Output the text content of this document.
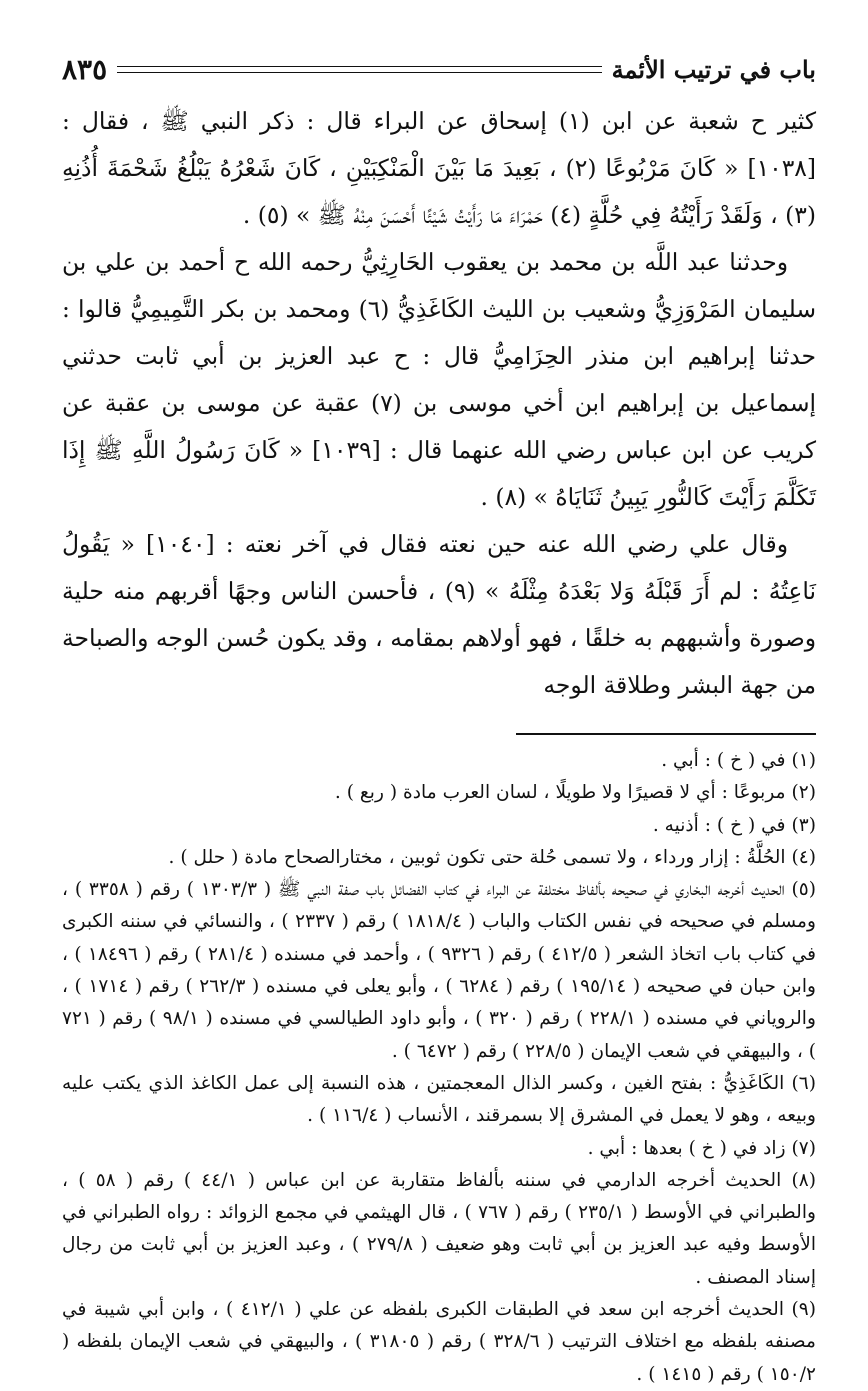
باب في ترتيب الأئمة
٨٣٥

كثير ح شعبة عن ابن (١) إسحاق عن البراء قال : ذكر النبي ﷺ ، فقال : [١٠٣٨] « كَانَ مَرْبُوعًا (٢) ، بَعِيدَ مَا بَيْنَ الْمَنْكِبَيْنِ ، كَانَ شَعْرُهُ يَبْلُغُ شَحْمَةَ أُذُنِهِ (٣) ، وَلَقَدْ رَأَيْتُهُ فِي حُلَّةٍ (٤) حَمْرَاءَ مَا رَأَيْتُ شَيْئًا أَحْسَنَ مِنْهُ ﷺ » (٥) .

وحدثنا عبد اللَّه بن محمد بن يعقوب الحَارِثِيُّ رحمه الله ح أحمد بن علي بن سليمان المَرْوَزِيُّ وشعيب بن الليث الكَاغَذِيُّ (٦) ومحمد بن بكر التَّمِيمِيُّ قالوا : حدثنا إبراهيم ابن منذر الحِزَامِيُّ قال : ح عبد العزيز بن أبي ثابت حدثني إسماعيل بن إبراهيم ابن أخي موسى بن (٧) عقبة عن موسى بن عقبة عن كريب عن ابن عباس رضي الله عنهما قال : [١٠٣٩] « كَانَ رَسُولُ اللَّهِ ﷺ إِذَا تَكَلَّمَ رَأَيْتَ كَالنُّورِ يَبِينُ ثَنَايَاهُ » (٨) .

وقال علي رضي الله عنه حين نعته فقال في آخر نعته : [١٠٤٠] « يَقُولُ نَاعِتُهُ : لم أَرَ قَبْلَهُ وَلا بَعْدَهُ مِثْلَهُ » (٩) ، فأحسن الناس وجهًا أقربهم منه حلية وصورة وأشبههم به خلقًا ، فهو أولاهم بمقامه ، وقد يكون حُسن الوجه والصباحة من جهة البشر وطلاقة الوجه

(١) في ( خ ) : أبي .

(٢) مربوعًا : أي لا قصيرًا ولا طويلًا ، لسان العرب مادة ( ربع ) .

(٣) في ( خ ) : أذنيه .

(٤) الحُلَّةُ : إزار ورداء ، ولا تسمى حُلة حتى تكون ثوبين ، مختارالصحاح مادة ( حلل ) .

(٥) الحديث أخرجه البخاري في صحيحه بألفاظ مختلفة عن البراء في كتاب الفضائل باب صفة النبي ﷺ ( ١٣٠٣/٣ ) رقم ( ٣٣٥٨ ) ، ومسلم في صحيحه في نفس الكتاب والباب ( ١٨١٨/٤ ) رقم ( ٢٣٣٧ ) ، والنسائي في سننه الكبرى في كتاب باب اتخاذ الشعر ( ٤١٢/٥ ) رقم ( ٩٣٢٦ ) ، وأحمد في مسنده ( ٢٨١/٤ ) رقم ( ١٨٤٩٦ ) ، وابن حبان في صحيحه ( ١٩٥/١٤ ) رقم ( ٦٢٨٤ ) ، وأبو يعلى في مسنده ( ٢٦٢/٣ ) رقم ( ١٧١٤ ) ، والروياني في مسنده ( ٢٢٨/١ ) رقم ( ٣٢٠ ) ، وأبو داود الطيالسي في مسنده ( ٩٨/١ ) رقم ( ٧٢١ ) ، والبيهقي في شعب الإيمان ( ٢٢٨/٥ ) رقم ( ٦٤٧٢ ) .

(٦) الكَاغَذِيُّ : بفتح الغين ، وكسر الذال المعجمتين ، هذه النسبة إلى عمل الكاغذ الذي يكتب عليه وبيعه ، وهو لا يعمل في المشرق إلا بسمرقند ، الأنساب ( ١١٦/٤ ) .

(٧) زاد في ( خ ) بعدها : أبي .

(٨) الحديث أخرجه الدارمي في سننه بألفاظ متقاربة عن ابن عباس ( ٤٤/١ ) رقم ( ٥٨ ) ، والطبراني في الأوسط ( ٢٣٥/١ ) رقم ( ٧٦٧ ) ، قال الهيثمي في مجمع الزوائد : رواه الطبراني في الأوسط وفيه عبد العزيز بن أبي ثابت وهو ضعيف ( ٢٧٩/٨ ) ، وعبد العزيز بن أبي ثابت من رجال إسناد المصنف .

(٩) الحديث أخرجه ابن سعد في الطبقات الكبرى بلفظه عن علي ( ٤١٢/١ ) ، وابن أبي شيبة في مصنفه بلفظه مع اختلاف الترتيب ( ٣٢٨/٦ ) رقم ( ٣١٨٠٥ ) ، والبيهقي في شعب الإيمان بلفظه ( ١٥٠/٢ ) رقم ( ١٤١٥ ) .
